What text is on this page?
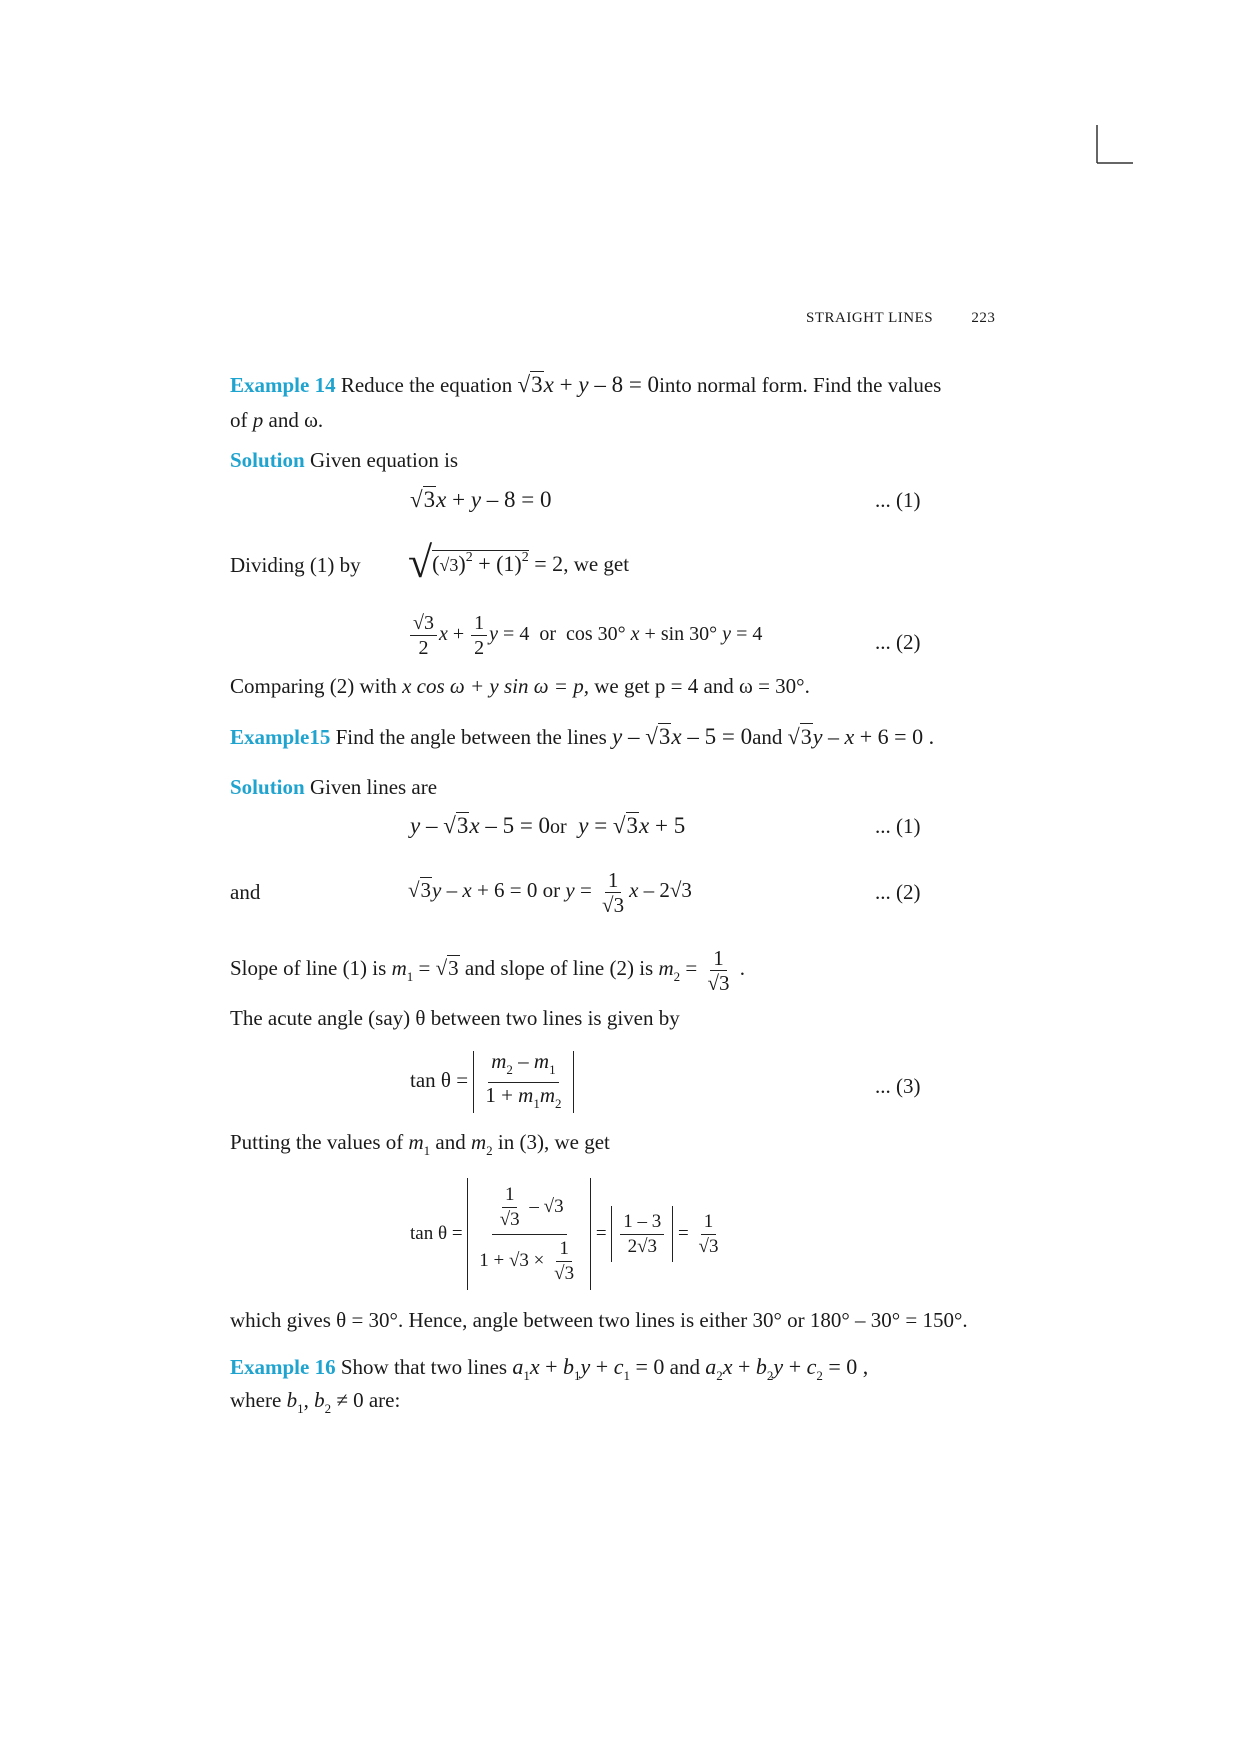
STRAIGHT LINES	223
Example 14 Reduce the equation √3x + y – 8 = 0into normal form. Find the values
of p and ω.
Solution Given equation is
√3x + y – 8 = 0	... (1)
Dividing (1) by $√(√3)^2 + (1)^2 = 2$, we get
$\frac{√3}{2}$ $x + \frac{1}{2}$ y = 4  or  cos 30° x + sin 30° y = 4	... (2)
Comparing (2) with x cos ω + y sin ω = p, we get p = 4 and ω = 30°.
Example15 Find the angle between the lines y – √3x – 5 = 0and √3y – x + 6 = 0 .
Solution Given lines are
y – √3x – 5 = 0or y = √3x + 5	... (1)
and	√3y – x + 6 = 0 or $y = \frac{1}{√3}$ x – 2√3	... (2)
Slope of line (1) is $m_1 = √3$ and slope of line (2) is $m_2 = \frac{1}{√3}$ .
The acute angle (say) θ between two lines is given by
$\tan \theta = \frac{m_2 - m_1}{1 + m_1m_2}$	... (3)
Putting the values of $m_1$ and $m_2$ in (3), we get
$\tan \theta = \frac{\frac{1}{√3} - √3}{1 + √3 \times \frac{1}{√3}} = \frac{1 - 3}{2√3} = \frac{1}{√3}$
which gives θ = 30°. Hence, angle between two lines is either 30° or 180° – 30° = 150°.
Example 16 Show that two lines $a_1x + b_1y + c_1 = 0$ and $a_2x + b_2y + c_2 = 0$ ,
where $b_1$, $b_2 \ne 0$ are:
